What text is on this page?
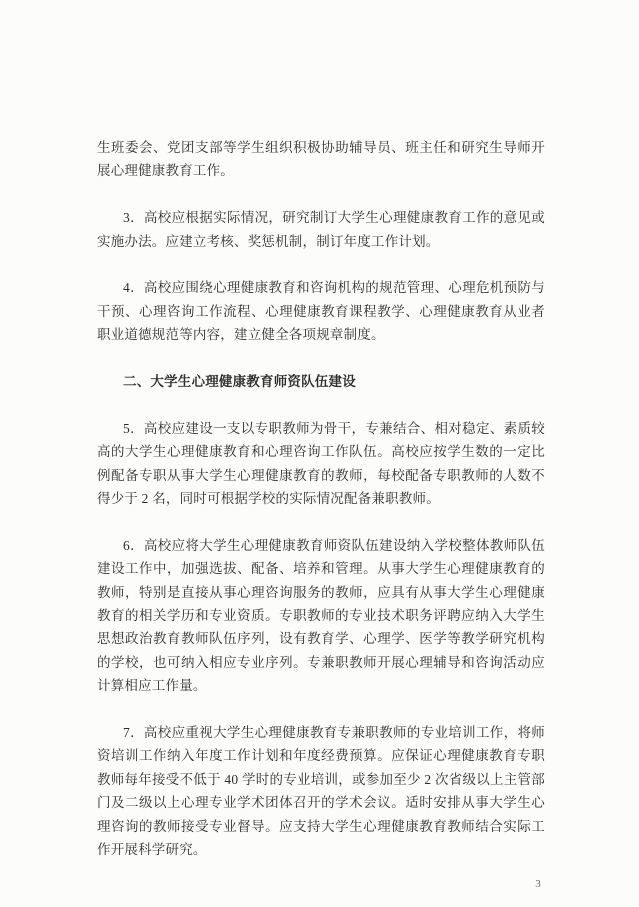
生班委会、党团支部等学生组织积极协助辅导员、班主任和研究生导师开展心理健康教育工作。

3．高校应根据实际情况，研究制订大学生心理健康教育工作的意见或实施办法。应建立考核、奖惩机制，制订年度工作计划。

4．高校应围绕心理健康教育和咨询机构的规范管理、心理危机预防与干预、心理咨询工作流程、心理健康教育课程教学、心理健康教育从业者职业道德规范等内容，建立健全各项规章制度。

二、大学生心理健康教育师资队伍建设

5．高校应建设一支以专职教师为骨干，专兼结合、相对稳定、素质较高的大学生心理健康教育和心理咨询工作队伍。高校应按学生数的一定比例配备专职从事大学生心理健康教育的教师，每校配备专职教师的人数不得少于 2 名，同时可根据学校的实际情况配备兼职教师。

6．高校应将大学生心理健康教育师资队伍建设纳入学校整体教师队伍建设工作中，加强选拔、配备、培养和管理。从事大学生心理健康教育的教师，特别是直接从事心理咨询服务的教师，应具有从事大学生心理健康教育的相关学历和专业资质。专职教师的专业技术职务评聘应纳入大学生思想政治教育教师队伍序列，设有教育学、心理学、医学等教学研究机构的学校，也可纳入相应专业序列。专兼职教师开展心理辅导和咨询活动应计算相应工作量。

7．高校应重视大学生心理健康教育专兼职教师的专业培训工作，将师资培训工作纳入年度工作计划和年度经费预算。应保证心理健康教育专职教师每年接受不低于 40 学时的专业培训，或参加至少 2 次省级以上主管部门及二级以上心理专业学术团体召开的学术会议。适时安排从事大学生心理咨询的教师接受专业督导。应支持大学生心理健康教育教师结合实际工作开展科学研究。

3
